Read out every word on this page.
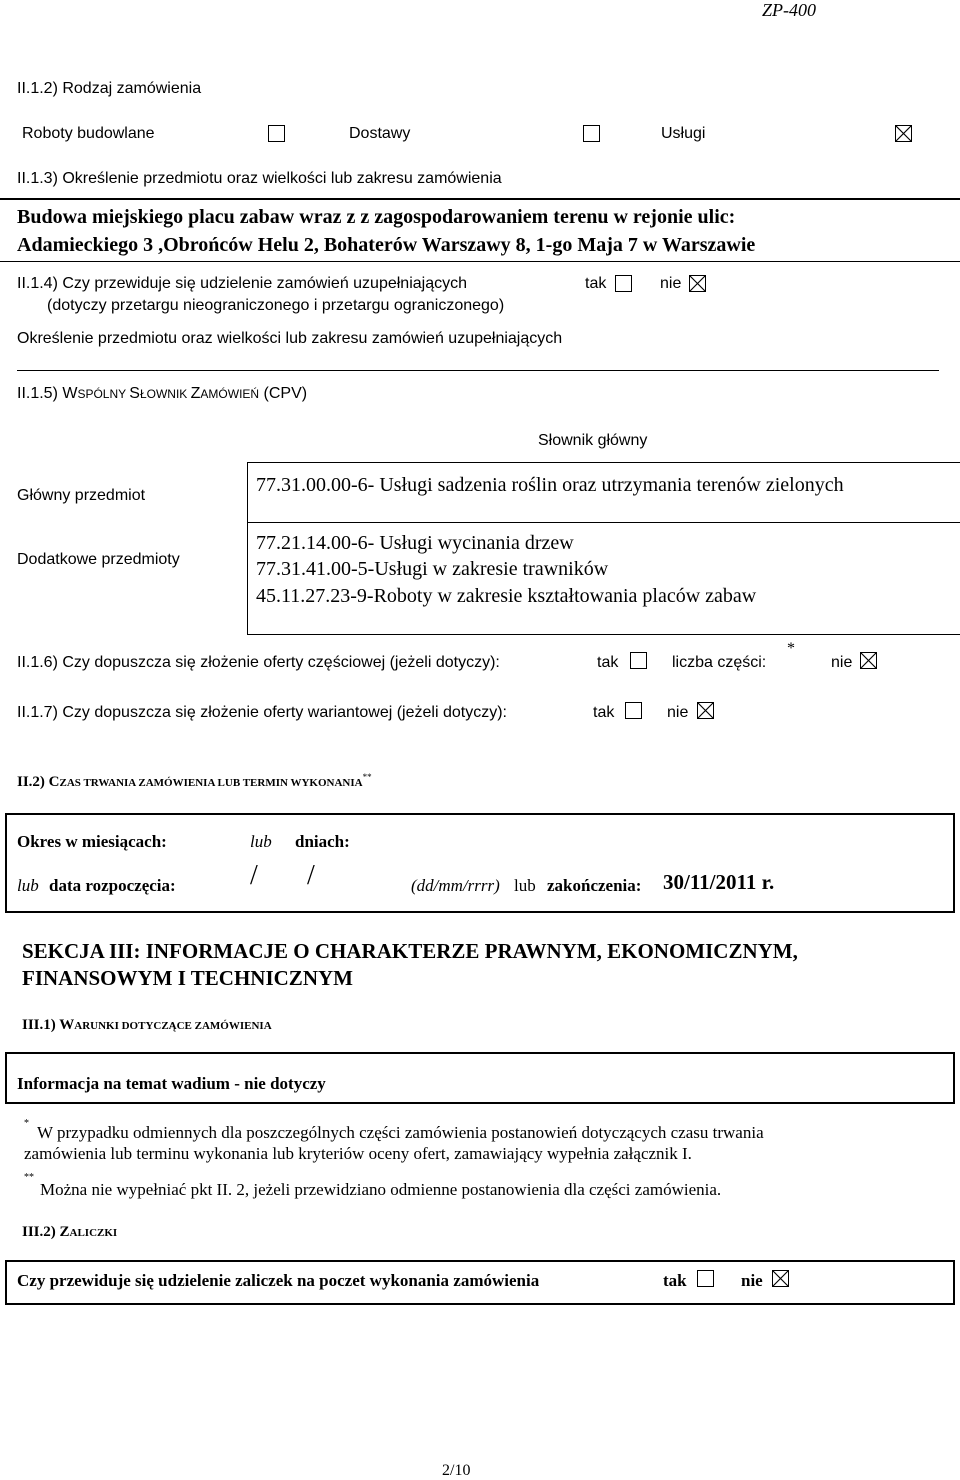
ZP-400
II.1.2) Rodzaj zamówienia
Roboty budowlane	Dostawy	Usługi
II.1.3) Określenie przedmiotu oraz wielkości lub zakresu zamówienia
Budowa miejskiego placu zabaw wraz z z zagospodarowaniem terenu w rejonie ulic:
Adamieckiego 3 ,Obrońców Helu 2, Bohaterów Warszawy 8, 1-go Maja 7 w Warszawie
II.1.4) Czy przewiduje się udzielenie zamówień uzupełniających	tak	nie
(dotyczy przetargu nieograniczonego i przetargu ograniczonego)
Określenie przedmiotu oraz wielkości lub zakresu zamówień uzupełniających
II.1.5) WSPÓLNY SŁOWNIK ZAMÓWIEŃ (CPV)
Słownik główny
Główny przedmiot	77.31.00.00-6- Usługi sadzenia roślin oraz utrzymania terenów zielonych
Dodatkowe przedmioty
77.21.14.00-6- Usługi wycinania drzew
77.31.41.00-5-Usługi w zakresie trawników
45.11.27.23-9-Roboty w zakresie kształtowania placów zabaw
II.1.6) Czy dopuszcza się złożenie oferty częściowej (jeżeli dotyczy):	tak	liczba części:
*
nie
II.1.7) Czy dopuszcza się złożenie oferty wariantowej (jeżeli dotyczy):	tak	nie
II.2) CZAS TRWANIA ZAMÓWIENIA LUB TERMIN WYKONANIA**
Okres w miesiącach:	lub dniach:
lub data rozpoczęcia:	/ /	(dd/mm/rrrr) lub zakończenia: 30/11/2011 r.
SEKCJA III: INFORMACJE O CHARAKTERZE PRAWNYM, EKONOMICZNYM,
FINANSOWYM I TECHNICZNYM
III.1) WARUNKI DOTYCZĄCE ZAMÓWIENIA
Informacja na temat wadium - nie dotyczy
* W przypadku odmiennych dla poszczególnych części zamówienia postanowień dotyczących czasu trwania
zamówienia lub terminu wykonania lub kryteriów oceny ofert, zamawiający wypełnia załącznik I.
**
Można nie wypełniać pkt II. 2, jeżeli przewidziano odmienne postanowienia dla części zamówienia.
III.2) ZALICZKI
Czy przewiduje się udzielenie zaliczek na poczet wykonania zamówienia	tak	nie
2/10
